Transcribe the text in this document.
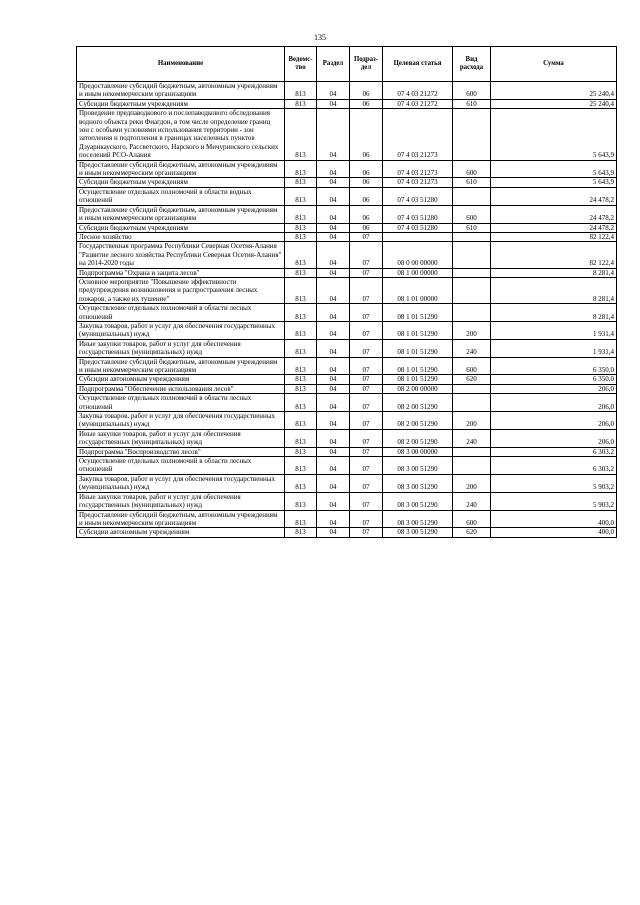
135
Наименование	Ведомс-тво	Раздел	Подраз-дел	Целевая статья	Вид расхода	Сумма
Предоставление субсидий бюджетным, автономным учреждениям и иным некоммерческим организациям	813	04	06	07 4 03 21272	600	25 240,4
Субсидии бюджетным учреждениям	813	04	06	07 4 03 21272	610	25 240,4
Проведение предпаводкового и послепаводкового обследования водного объекта реки Фиагдон, в том числе определение границ зон с особыми условиями использования территории - зон затопления и подтопления в границах населенных пунктов Дзуарикауского, Рассветского, Нарского и Мичуринского сельских поселений РСО-Алания	813	04	06	07 4 03 21273		5 643,9
Предоставление субсидий бюджетным, автономным учреждениям и иным некоммерческим организациям	813	04	06	07 4 03 21273	600	5 643,9
Субсидии бюджетным учреждениям	813	04	06	07 4 03 21273	610	5 643,9
Осуществление отдельных полномочий в области водных отношений	813	04	06	07 4 03 51280		24 478,2
Предоставление субсидий бюджетным, автономным учреждениям и иным некоммерческим организациям	813	04	06	07 4 03 51280	600	24 478,2
Субсидии бюджетным учреждениям	813	04	06	07 4 03 51280	610	24 478,2
Лесное хозяйство	813	04	07			82 122,4
Государственная программа Республики Северная Осетия-Алания "Развитие лесного хозяйства Республики Северная Осетия-Алания" на 2014-2020 годы	813	04	07	08 0 00 00000		82 122,4
Подпрограмма "Охрана и защита лесов"	813	04	07	08 1 00 00000		8 281,4
Основное мероприятие "Повышение эффективности предупреждения возникновения и распространения лесных пожаров, а также их тушение"	813	04	07	08 1 01 00000		8 281,4
Осуществление отдельных полномочий в области лесных отношений	813	04	07	08 1 01 51290		8 281,4
Закупка товаров, работ и услуг для обеспечения государственных (муниципальных) нужд	813	04	07	08 1 01 51290	200	1 931,4
Иные закупки товаров, работ и услуг для обеспечения государственных (муниципальных) нужд	813	04	07	08 1 01 51290	240	1 931,4
Предоставление субсидий бюджетным, автономным учреждениям и иным некоммерческим организациям	813	04	07	08 1 01 51290	600	6 350,0
Субсидии автономным учреждениям	813	04	07	08 1 01 51290	620	6 350,0
Подпрограмма "Обеспечение использования лесов"	813	04	07	08 2 00 00000		206,0
Осуществление отдельных полномочий в области лесных отношений	813	04	07	08 2 00 51290		206,0
Закупка товаров, работ и услуг для обеспечения государственных (муниципальных) нужд	813	04	07	08 2 00 51290	200	206,0
Иные закупки товаров, работ и услуг для обеспечения государственных (муниципальных) нужд	813	04	07	08 2 00 51290	240	206,0
Подпрограмма "Воспроизводство лесов"	813	04	07	08 3 00 00000		6 303,2
Осуществление отдельных полномочий в области лесных отношений	813	04	07	08 3 00 51290		6 303,2
Закупка товаров, работ и услуг для обеспечения государственных (муниципальных) нужд	813	04	07	08 3 00 51290	200	5 903,2
Иные закупки товаров, работ и услуг для обеспечения государственных (муниципальных) нужд	813	04	07	08 3 00 51290	240	5 903,2
Предоставление субсидий бюджетным, автономным учреждениям и иным некоммерческим организациям	813	04	07	08 3 00 51290	600	400,0
Субсидии автономным учреждениям	813	04	07	08 3 00 51290	620	400,0
